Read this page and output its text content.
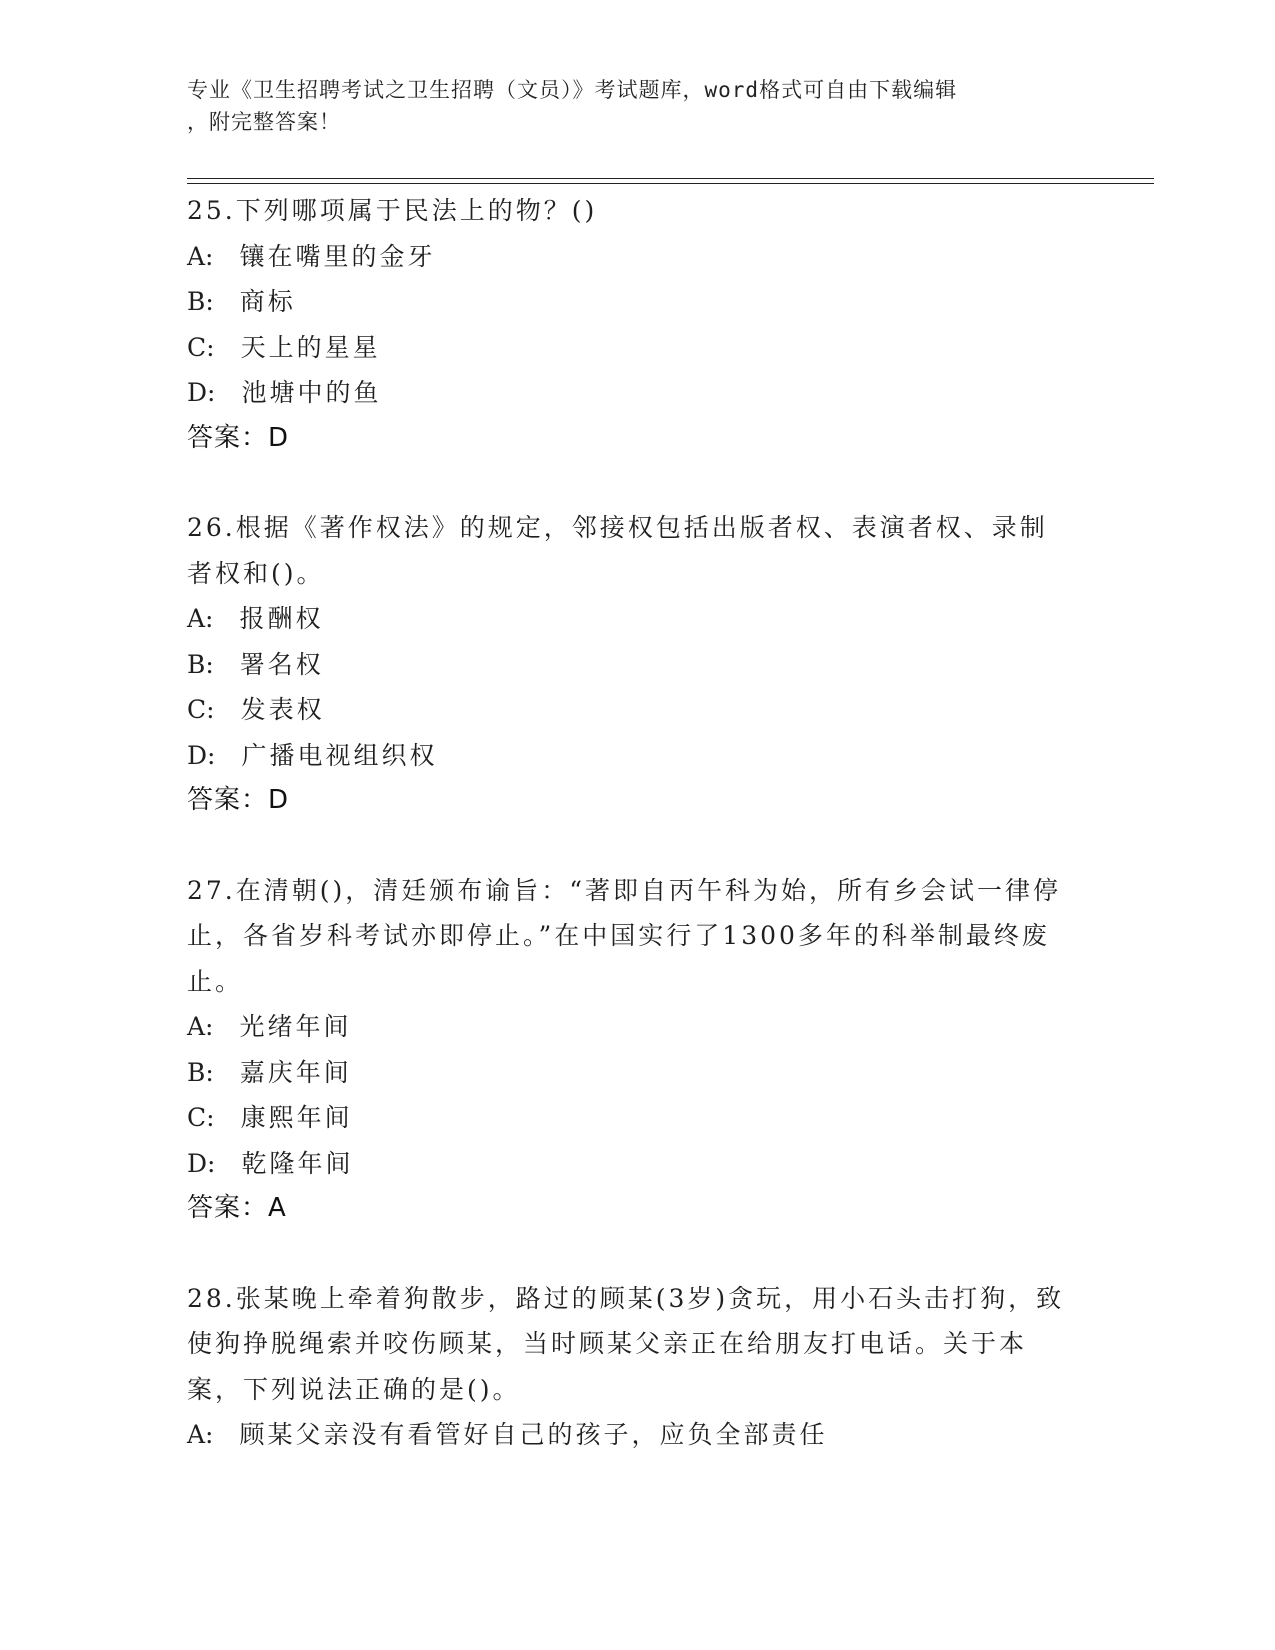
专业《卫生招聘考试之卫生招聘（文员）》考试题库，word格式可自由下载编辑
，附完整答案！

25.下列哪项属于民法上的物？()

A: 镶在嘴里的金牙

B: 商标

C: 天上的星星

D: 池塘中的鱼

答案：D

26.根据《著作权法》的规定，邻接权包括出版者权、表演者权、录制者权和()。

A: 报酬权

B: 署名权

C: 发表权

D: 广播电视组织权

答案：D

27.在清朝()，清廷颁布谕旨：“著即自丙午科为始，所有乡会试一律停止，各省岁科考试亦即停止。”在中国实行了1300多年的科举制最终废止。

A: 光绪年间

B: 嘉庆年间

C: 康熙年间

D: 乾隆年间

答案：A

28.张某晚上牵着狗散步，路过的顾某(3岁)贪玩，用小石头击打狗，致使狗挣脱绳索并咬伤顾某，当时顾某父亲正在给朋友打电话。关于本案，下列说法正确的是()。

A: 顾某父亲没有看管好自己的孩子，应负全部责任
